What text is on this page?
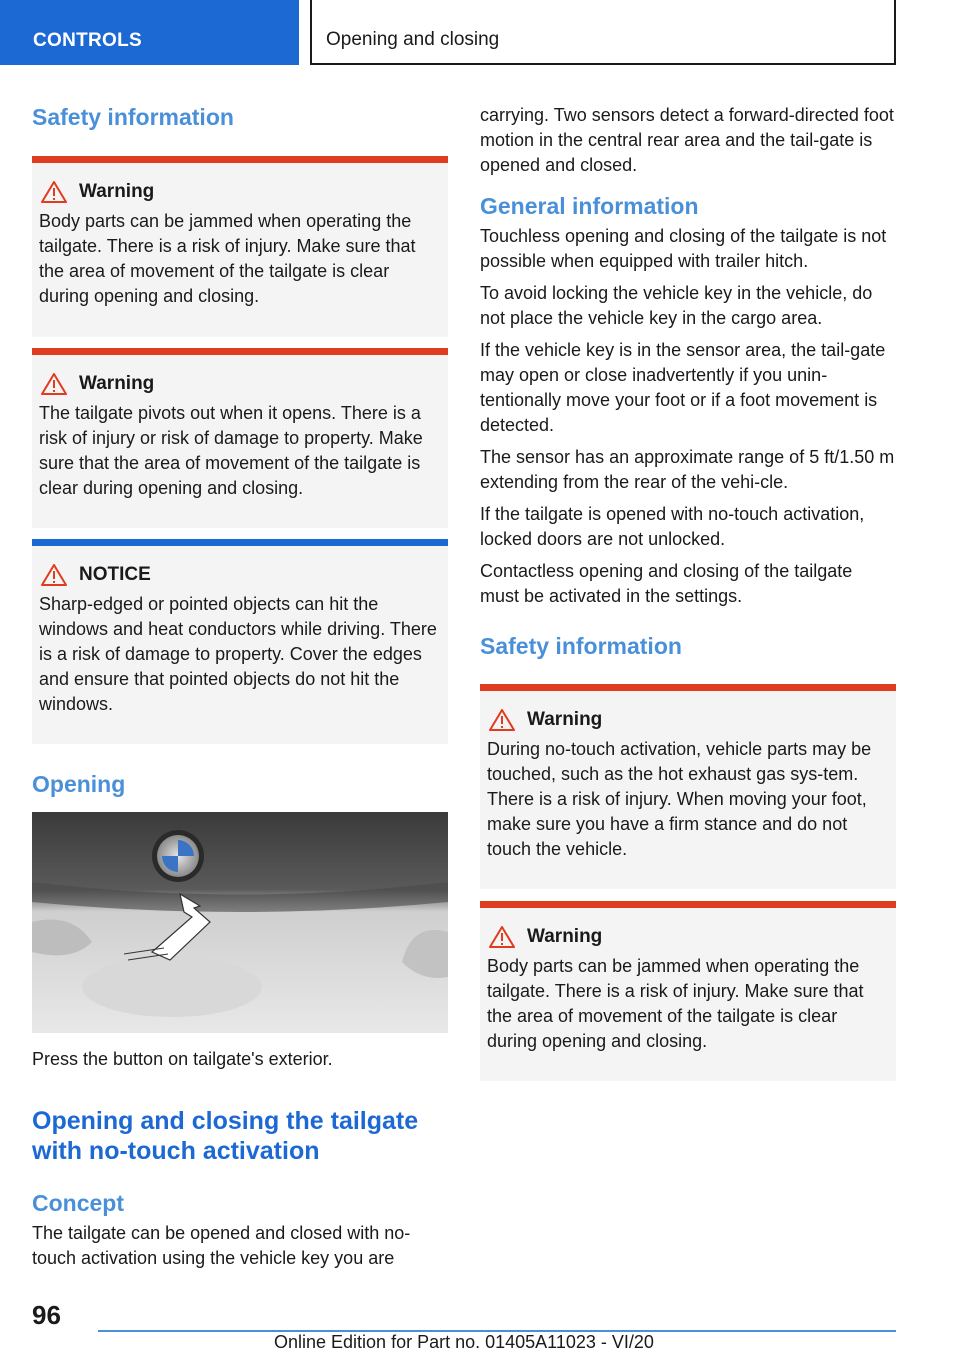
CONTROLS	Opening and closing
Safety information
Warning

Body parts can be jammed when operating the tailgate. There is a risk of injury. Make sure that the area of movement of the tailgate is clear during opening and closing.

Warning

The tailgate pivots out when it opens. There is a risk of injury or risk of damage to property. Make sure that the area of movement of the tailgate is clear during opening and closing.

NOTICE

Sharp-edged or pointed objects can hit the windows and heat conductors while driving. There is a risk of damage to property. Cover the edges and ensure that pointed objects do not hit the windows.

Opening

Press the button on tailgate's exterior.

Opening and closing the tailgate with no-touch activation
Concept

The tailgate can be opened and closed with no-touch activation using the vehicle key you are

carrying. Two sensors detect a forward-directed foot motion in the central rear area and the tail-gate is opened and closed.

General information

Touchless opening and closing of the tailgate is not possible when equipped with trailer hitch.

To avoid locking the vehicle key in the vehicle, do not place the vehicle key in the cargo area.

If the vehicle key is in the sensor area, the tail-gate may open or close inadvertently if you unin-tentionally move your foot or if a foot movement is detected.

The sensor has an approximate range of 5 ft/1.50 m extending from the rear of the vehi-cle.

If the tailgate is opened with no-touch activation, locked doors are not unlocked.

Contactless opening and closing of the tailgate must be activated in the settings.

Safety information
Warning

During no-touch activation, vehicle parts may be touched, such as the hot exhaust gas sys-tem. There is a risk of injury. When moving your foot, make sure you have a firm stance and do not touch the vehicle.

Warning

Body parts can be jammed when operating the tailgate. There is a risk of injury. Make sure that the area of movement of the tailgate is clear during opening and closing.

96
Online Edition for Part no. 01405A11023 - VI/20
